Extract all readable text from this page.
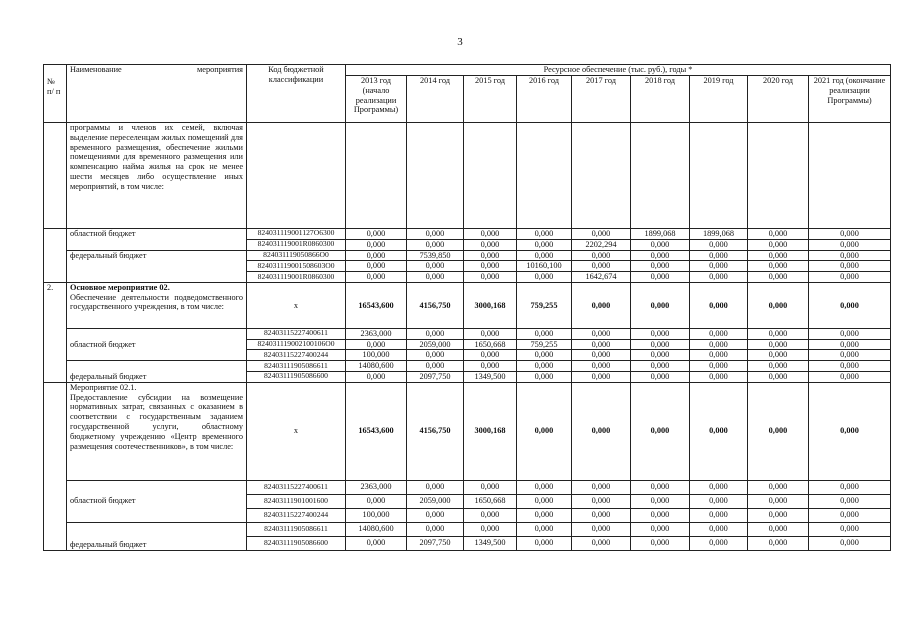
3
№ п/ п	Наименование мероприятия	Код бюджетной классификации	Ресурсное обеспечение (тыс. руб.), годы *								
			2013 год (начало реализации Программы)	2014 год	2015 год	2016 год	2017 год	2018 год	2019 год	2020 год	2021 год (окончание реализации Программы)
	программы и членов их семей, включая выделение переселенцам жилых помещений для временного размещения, обеспечение жильми помещениями для временного размещения или компенсацию найма жилья на срок не менее шести месяцев либо осуществление иных мероприятий, в том числе:										
	областной бюджет	824031119001127О6300	0,000	0,000	0,000	0,000	0,000	1899,068	1899,068	0,000	0,000
		824031119001R0860300	0,000	0,000	0,000	0,000	2202,294	0,000	0,000	0,000	0,000
	федеральный бюджет	824031119050866О0	0,000	7539,850	0,000	0,000	0,000	0,000	0,000	0,000	0,000
		824031119001508603О0	0,000	0,000	0,000	10160,100	0,000	0,000	0,000	0,000	0,000
		824031119001R0860300	0,000	0,000	0,000	0,000	1642,674	0,000	0,000	0,000	0,000
2.	Основное мероприятие 02.
Обеспечение деятельности подведомственного государственного учреждения, в том числе:	х	16543,600	4156,750	3000,168	759,255	0,000	0,000	0,000	0,000	0,000
	областной бюджет	82403115227400611	2363,000	0,000	0,000	0,000	0,000	0,000	0,000	0,000	0,000
		824031119002100106О0	0,000	2059,000	1650,668	759,255	0,000	0,000	0,000	0,000	0,000
		82403115227400244	100,000	0,000	0,000	0,000	0,000	0,000	0,000	0,000	0,000
	федеральный бюджет	82403111905086611	14080,600	0,000	0,000	0,000	0,000	0,000	0,000	0,000	0,000
		82403111905086600	0,000	2097,750	1349,500	0,000	0,000	0,000	0,000	0,000	0,000

	Мероприятие 02.1.
Предоставление субсидии на возмещение нормативных затрат, связанных с оказанием в соответствии с государственным заданием государственной услуги, областному бюджетному учреждению «Центр временного размещения соотечественников», в том числе:	х	16543,600	4156,750	3000,168	0,000	0,000	0,000	0,000	0,000	0,000
	областной бюджет	82403115227400611	2363,000	0,000	0,000	0,000	0,000	0,000	0,000	0,000	0,000
		82403111901001600	0,000	2059,000	1650,668	0,000	0,000	0,000	0,000	0,000	0,000
		82403115227400244	100,000	0,000	0,000	0,000	0,000	0,000	0,000	0,000	0,000
	федеральный бюджет	82403111905086611	14080,600	0,000	0,000	0,000	0,000	0,000	0,000	0,000	0,000
		82403111905086600	0,000	2097,750	1349,500	0,000	0,000	0,000	0,000	0,000	0,000
